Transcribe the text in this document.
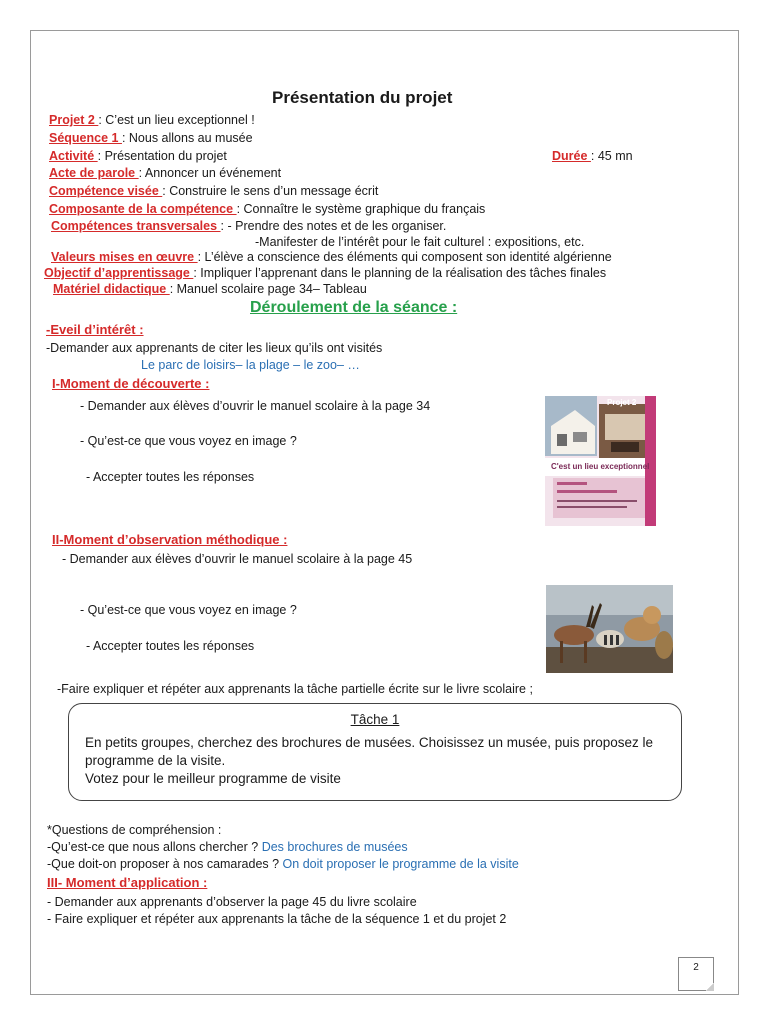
Présentation du projet
Projet 2 : C’est un lieu exceptionnel !
Séquence 1 : Nous allons au musée
Activité : Présentation du projet	Durée : 45 mn
Acte de parole : Annoncer un événement
Compétence visée : Construire le sens d’un message écrit
Composante de la compétence : Connaître le système graphique du français
Compétences transversales : - Prendre des notes et de les organiser.
-Manifester de l’intérêt pour le fait culturel : expositions, etc.
Valeurs mises en œuvre : L’élève a conscience des éléments qui composent son identité algérienne
Objectif d’apprentissage : Impliquer l’apprenant dans le planning de la réalisation des tâches finales
Matériel didactique : Manuel scolaire page 34– Tableau
Déroulement de la séance :
-Eveil d’intérêt :
-Demander aux apprenants de citer les lieux qu’ils ont visités
Le parc de loisirs– la plage – le zoo– …
I-Moment de découverte :
- Demander aux élèves d’ouvrir le manuel scolaire à la page 34
- Qu’est-ce que vous voyez en image ?
- Accepter toutes les réponses
Projet 2
C'est un lieu exceptionnel
II-Moment d’observation méthodique :
- Demander aux élèves d’ouvrir le manuel scolaire à la page 45
- Qu’est-ce que vous voyez en image ?
- Accepter toutes les réponses
-Faire expliquer et répéter aux apprenants la tâche partielle écrite sur le livre scolaire ;
Tâche 1
En petits groupes, cherchez des brochures de musées. Choisissez un musée, puis proposez le programme de la visite.
Votez pour le meilleur programme de visite
*Questions de compréhension :
-Qu’est-ce que nous allons chercher ? Des brochures de musées
-Que doit-on proposer à nos camarades ? On doit proposer le programme de la visite
III- Moment d’application :
- Demander aux apprenants d’observer la page 45 du livre scolaire
- Faire expliquer et répéter aux apprenants la tâche de la séquence 1 et du projet 2
2
